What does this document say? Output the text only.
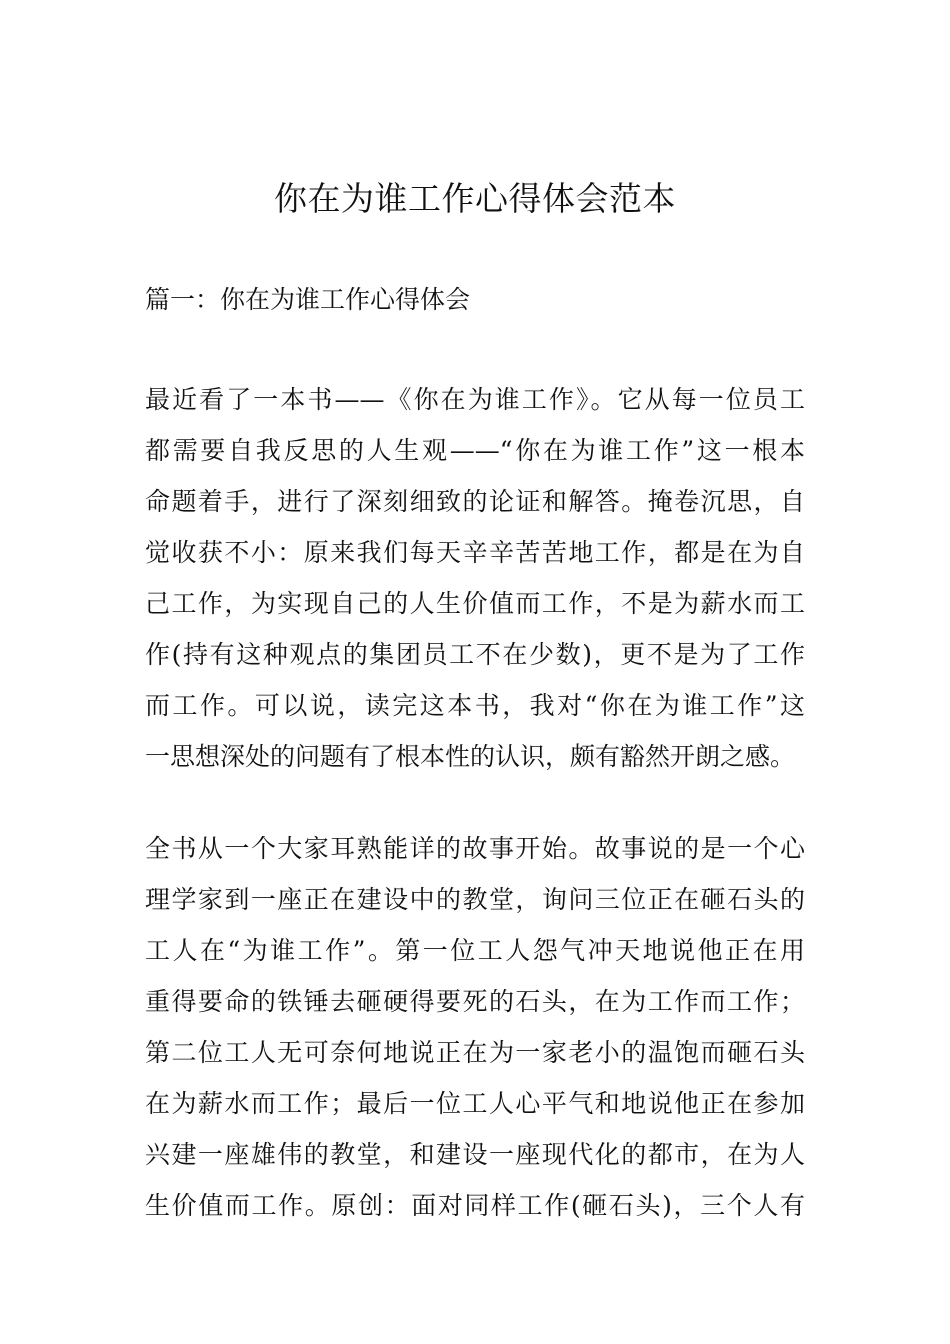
你在为谁工作心得体会范本
篇一：你在为谁工作心得体会
最近看了一本书——《你在为谁工作》。它从每一位员工
都需要自我反思的人生观——“你在为谁工作”这一根本
命题着手，进行了深刻细致的论证和解答。掩卷沉思，自
觉收获不小：原来我们每天辛辛苦苦地工作，都是在为自
己工作，为实现自己的人生价值而工作，不是为薪水而工
作(持有这种观点的集团员工不在少数)，更不是为了工作
而工作。可以说，读完这本书，我对“你在为谁工作”这
一思想深处的问题有了根本性的认识，颇有豁然开朗之感。
全书从一个大家耳熟能详的故事开始。故事说的是一个心
理学家到一座正在建设中的教堂，询问三位正在砸石头的
工人在“为谁工作”。第一位工人怨气冲天地说他正在用
重得要命的铁锤去砸硬得要死的石头，在为工作而工作；
第二位工人无可奈何地说正在为一家老小的温饱而砸石头
在为薪水而工作；最后一位工人心平气和地说他正在参加
兴建一座雄伟的教堂，和建设一座现代化的都市，在为人
生价值而工作。原创：面对同样工作(砸石头)，三个人有
